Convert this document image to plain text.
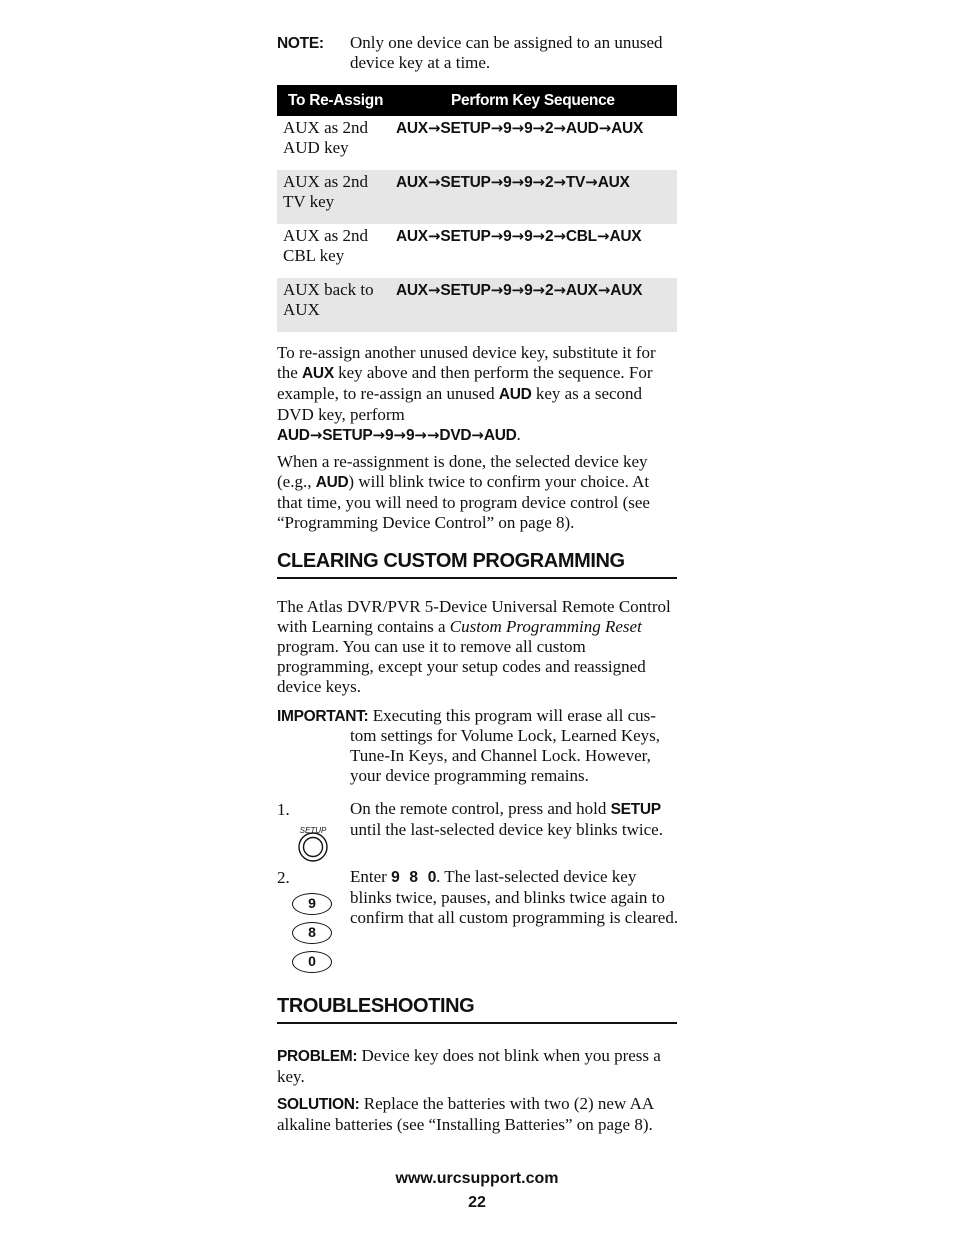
NOTE: Only one device can be assigned to an unused device key at a time.
To Re-Assign	Perform Key Sequence
AUX as 2nd AUD key	AUX→SETUP→9→9→2→AUD→AUX
AUX as 2nd TV key	AUX→SETUP→9→9→2→TV→AUX
AUX as 2nd CBL key	AUX→SETUP→9→9→2→CBL→AUX
AUX back to AUX	AUX→SETUP→9→9→2→AUX→AUX

To re-assign another unused device key, substitute it for the AUX key above and then perform the sequence. For example, to re-assign an unused AUD key as a second DVD key, perform
AUD→SETUP→9→9→→DVD→AUD.

When a re-assignment is done, the selected device key (e.g., AUD) will blink twice to confirm your choice. At that time, you will need to program device control (see “Programming Device Control” on page 8).

CLEARING CUSTOM PROGRAMMING

The Atlas DVR/PVR 5-Device Universal Remote Control with Learning contains a Custom Programming Reset program. You can use it to remove all custom programming, except your setup codes and reassigned device keys.

IMPORTANT: Executing this program will erase all cus-
tom settings for Volume Lock, Learned Keys, Tune-In Keys, and Channel Lock. However, your device programming remains.
1.	On the remote control, press and hold SETUP until the last-selected device key blinks twice.
SETUP
2.	Enter 9 8 0. The last-selected device key blinks twice, pauses, and blinks twice again to confirm that all custom programming is cleared.
9
8
0
TROUBLESHOOTING

PROBLEM: Device key does not blink when you press a key.

SOLUTION: Replace the batteries with two (2) new AA alkaline batteries (see “Installing Batteries” on page 8).

www.urcsupport.com
22
